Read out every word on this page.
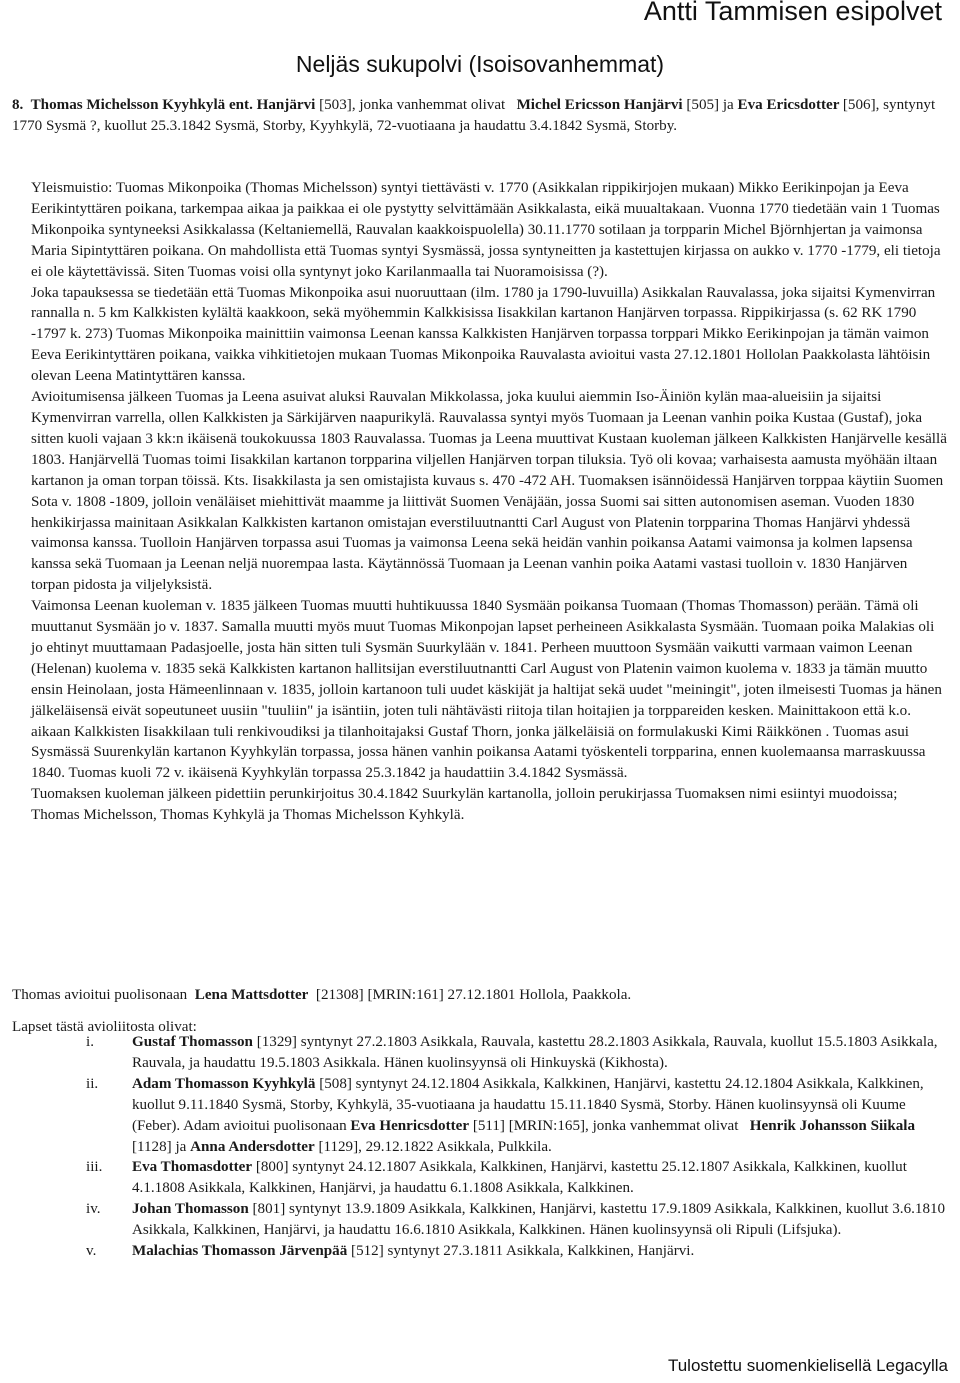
Antti Tammisen esipolvet
Neljäs sukupolvi (Isoisovanhemmat)
8. Thomas Michelsson Kyyhkylä ent. Hanjärvi [503], jonka vanhemmat olivat Michel Ericsson Hanjärvi [505] ja Eva Ericsdotter [506], syntynyt 1770 Sysmä ?, kuollut 25.3.1842 Sysmä, Storby, Kyyhkylä, 72-vuotiaana ja haudattu 3.4.1842 Sysmä, Storby.

Yleismuistio: Tuomas Mikonpoika (Thomas Michelsson) syntyi tiettävästi v. 1770 (Asikkalan rippikirjojen mukaan) Mikko Eerikinpojan ja Eeva Eerikintyttären poikana, tarkempaa aikaa ja paikkaa ei ole pystytty selvittämään Asikkalasta, eikä muualtakaan. Vuonna 1770 tiedetään vain 1 Tuomas Mikonpoika syntyneeksi Asikkalassa (Keltaniemellä, Rauvalan kaakkoispuolella) 30.11.1770 sotilaan ja torpparin Michel Björnhjertan ja vaimonsa Maria Sipintyttären poikana. On mahdollista että Tuomas syntyi Sysmässä, jossa syntyneitten ja kastettujen kirjassa on aukko v. 1770 -1779, eli tietoja ei ole käytettävissä. Siten Tuomas voisi olla syntynyt joko Karilanmaalla tai Nuoramoisissa (?).

Joka tapauksessa se tiedetään että Tuomas Mikonpoika asui nuoruuttaan (ilm. 1780 ja 1790-luvuilla) Asikkalan Rauvalassa, joka sijaitsi Kymenvirran rannalla n. 5 km Kalkkisten kylältä kaakkoon, sekä myöhemmin Kalkkisissa Iisakkilan kartanon Hanjärven torpassa. Rippikirjassa (s. 62 RK 1790 -1797 k. 273) Tuomas Mikonpoika mainittiin vaimonsa Leenan kanssa Kalkkisten Hanjärven torpassa torppari Mikko Eerikinpojan ja tämän vaimon Eeva Eerikintyttären poikana, vaikka vihkitietojen mukaan Tuomas Mikonpoika Rauvalasta avioitui vasta 27.12.1801 Hollolan Paakkolasta lähtöisin olevan Leena Matintyttären kanssa.

Avioitumisensa jälkeen Tuomas ja Leena asuivat aluksi Rauvalan Mikkolassa, joka kuului aiemmin Iso-Äiniön kylän maa-alueisiin ja sijaitsi Kymenvirran varrella, ollen Kalkkisten ja Särkijärven naapurikylä. Rauvalassa syntyi myös Tuomaan ja Leenan vanhin poika Kustaa (Gustaf), joka sitten kuoli vajaan 3 kk:n ikäisenä toukokuussa 1803 Rauvalassa. Tuomas ja Leena muuttivat Kustaan kuoleman jälkeen Kalkkisten Hanjärvelle kesällä 1803. Hanjärvellä Tuomas toimi Iisakkilan kartanon torpparina viljellen Hanjärven torpan tiluksia. Työ oli kovaa; varhaisesta aamusta myöhään iltaan kartanon ja oman torpan töissä. Kts. Iisakkilasta ja sen omistajista kuvaus s. 470 -472 AH. Tuomaksen isännöidessä Hanjärven torppaa käytiin Suomen Sota v. 1808 -1809, jolloin venäläiset miehittivät maamme ja liittivät Suomen Venäjään, jossa Suomi sai sitten autonomisen aseman. Vuoden 1830 henkikirjassa mainitaan Asikkalan Kalkkisten kartanon omistajan everstiluutnantti Carl August von Platenin torpparina Thomas Hanjärvi yhdessä vaimonsa kanssa. Tuolloin Hanjärven torpassa asui Tuomas ja vaimonsa Leena sekä heidän vanhin poikansa Aatami vaimonsa ja kolmen lapsensa kanssa sekä Tuomaan ja Leenan neljä nuorempaa lasta. Käytännössä Tuomaan ja Leenan vanhin poika Aatami vastasi tuolloin v. 1830 Hanjärven torpan pidosta ja viljelyksistä.

Vaimonsa Leenan kuoleman v. 1835 jälkeen Tuomas muutti huhtikuussa 1840 Sysmään poikansa Tuomaan (Thomas Thomasson) perään. Tämä oli muuttanut Sysmään jo v. 1837. Samalla muutti myös muut Tuomas Mikonpojan lapset perheineen Asikkalasta Sysmään. Tuomaan poika Malakias oli jo ehtinyt muuttamaan Padasjoelle, josta hän sitten tuli Sysmän Suurkylään v. 1841. Perheen muuttoon Sysmään vaikutti varmaan vaimon Leenan (Helenan) kuolema v. 1835 sekä Kalkkisten kartanon hallitsijan everstiluutnantti Carl August von Platenin vaimon kuolema v. 1833 ja tämän muutto ensin Heinolaan, josta Hämeenlinnaan v. 1835, jolloin kartanoon tuli uudet käskijät ja haltijat sekä uudet "meiningit", joten ilmeisesti Tuomas ja hänen jälkeläisensä eivät sopeutuneet uusiin "tuuliin" ja isäntiin, joten tuli nähtävästi riitoja tilan hoitajien ja torppareiden kesken. Mainittakoon että k.o. aikaan Kalkkisten Iisakkilaan tuli renkivoudiksi ja tilanhoitajaksi Gustaf Thorn, jonka jälkeläisiä on formulakuski Kimi Räikkönen . Tuomas asui Sysmässä Suurenkylän kartanon Kyyhkylän torpassa, jossa hänen vanhin poikansa Aatami työskenteli torpparina, ennen kuolemaansa marraskuussa 1840. Tuomas kuoli 72 v. ikäisenä Kyyhkylän torpassa 25.3.1842 ja haudattiin 3.4.1842 Sysmässä.

Tuomaksen kuoleman jälkeen pidettiin perunkirjoitus 30.4.1842 Suurkylän kartanolla, jolloin perukirjassa Tuomaksen nimi esiintyi muodoissa; Thomas Michelsson, Thomas Kyhkylä ja Thomas Michelsson Kyhkylä.

Thomas avioitui puolisonaan Lena Mattsdotter [21308] [MRIN:161] 27.12.1801 Hollola, Paakkola.
Lapset tästä avioliitosta olivat:
i.	Gustaf Thomasson [1329] syntynyt 27.2.1803 Asikkala, Rauvala, kastettu 28.2.1803 Asikkala, Rauvala, kuollut 15.5.1803 Asikkala, Rauvala, ja haudattu 19.5.1803 Asikkala. Hänen kuolinsyynsä oli Hinkuyskä (Kikhosta).
ii.	Adam Thomasson Kyyhkylä [508] syntynyt 24.12.1804 Asikkala, Kalkkinen, Hanjärvi, kastettu 24.12.1804 Asikkala, Kalkkinen, kuollut 9.11.1840 Sysmä, Storby, Kyhkylä, 35-vuotiaana ja haudattu 15.11.1840 Sysmä, Storby. Hänen kuolinsyynsä oli Kuume (Feber). Adam avioitui puolisonaan Eva Henricsdotter [511] [MRIN:165], jonka vanhemmat olivat Henrik Johansson Siikala [1128] ja Anna Andersdotter [1129], 29.12.1822 Asikkala, Pulkkila.
iii.	Eva Thomasdotter [800] syntynyt 24.12.1807 Asikkala, Kalkkinen, Hanjärvi, kastettu 25.12.1807 Asikkala, Kalkkinen, kuollut 4.1.1808 Asikkala, Kalkkinen, Hanjärvi, ja haudattu 6.1.1808 Asikkala, Kalkkinen.
iv.	Johan Thomasson [801] syntynyt 13.9.1809 Asikkala, Kalkkinen, Hanjärvi, kastettu 17.9.1809 Asikkala, Kalkkinen, kuollut 3.6.1810 Asikkala, Kalkkinen, Hanjärvi, ja haudattu 16.6.1810 Asikkala, Kalkkinen. Hänen kuolinsyynsä oli Ripuli (Lifsjuka).
v.	Malachias Thomasson Järvenpää [512] syntynyt 27.3.1811 Asikkala, Kalkkinen, Hanjärvi.
Tulostettu suomenkielisellä Legacylla
